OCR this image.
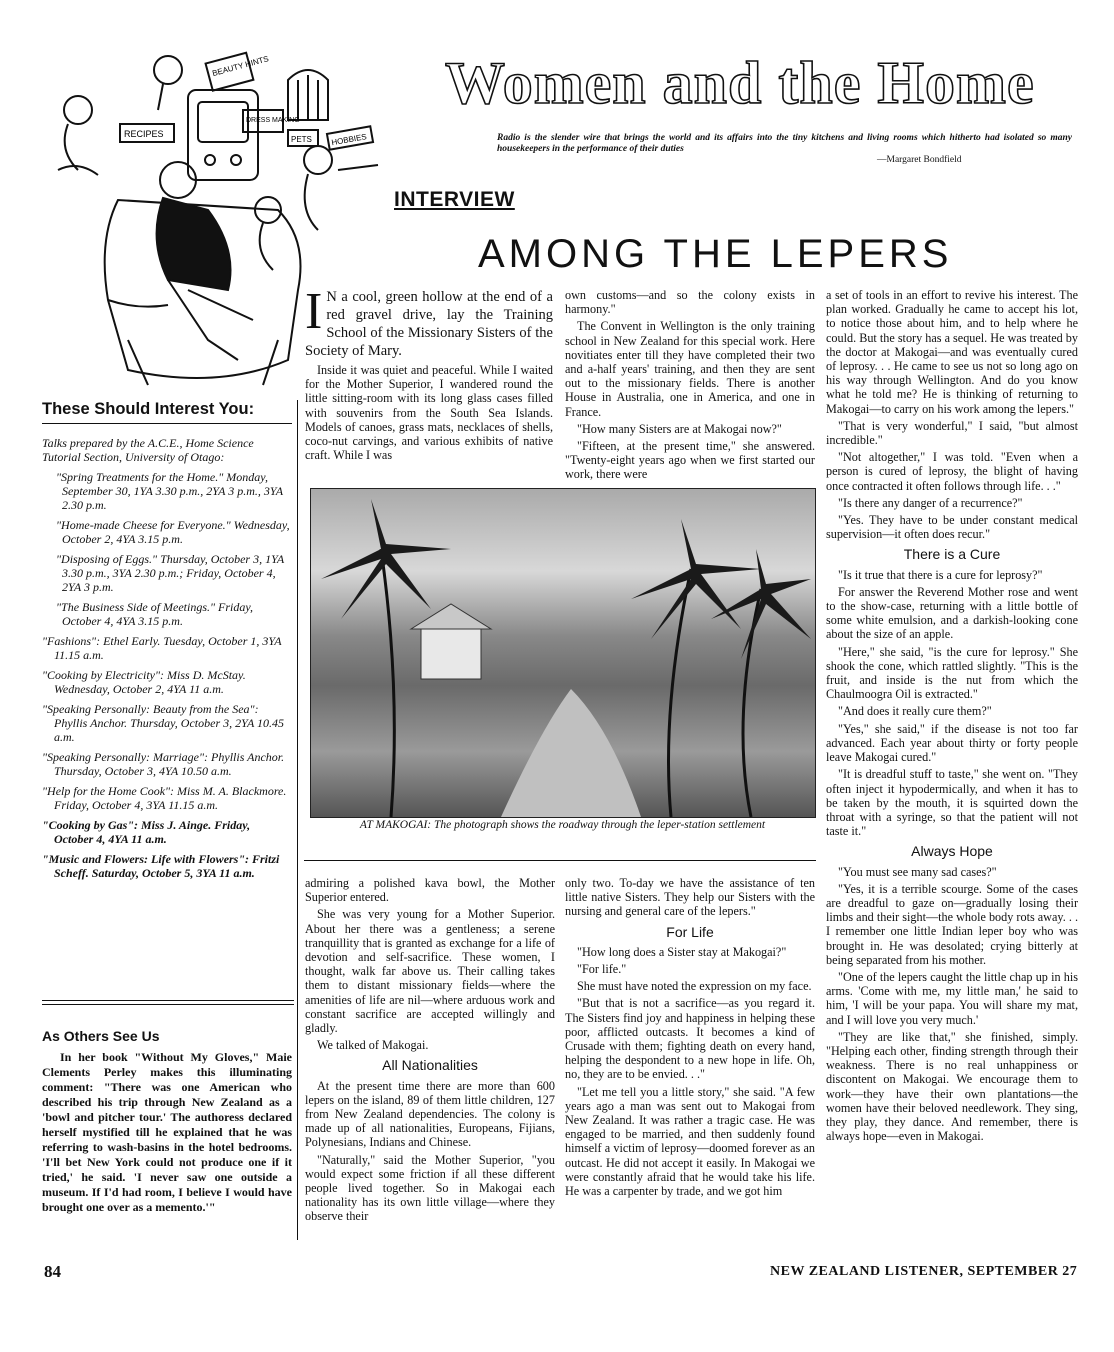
BEAUTY HINTS
DRESS MAKING
RECIPES
PETS HOBBIES
Women and the Home
Radio is the slender wire that brings the world and its affairs into the tiny kitchens and living rooms which hitherto had isolated so many housekeepers in the performance of their duties
—Margaret Bondfield
INTERVIEW
AMONG THE LEPERS
I N a cool, green hollow at the end of a red gravel drive, lay the Training School of the Missionary Sisters of the Society of Mary.

Inside it was quiet and peaceful. While I waited for the Mother Superior, I wandered round the little sitting-room with its long glass cases filled with souvenirs from the South Sea Islands. Models of canoes, grass mats, necklaces of shells, coco-nut carvings, and various exhibits of native craft. While I was

own customs—and so the colony exists in harmony."

The Convent in Wellington is the only training school in New Zealand for this special work. Here novitiates enter till they have completed their two and a-half years' training, and then they are sent out to the missionary fields. There is another House in Australia, one in America, and one in France.

"How many Sisters are at Makogai now?"

"Fifteen, at the present time," she answered. "Twenty-eight years ago when we first started our work, there were

AT MAKOGAI: The photograph shows the roadway through the leper-station settlement

admiring a polished kava bowl, the Mother Superior entered.

She was very young for a Mother Superior. About her there was a gentleness; a serene tranquillity that is granted as exchange for a life of devotion and self-sacrifice. These women, I thought, walk far above us. Their calling takes them to distant missionary fields—where the amenities of life are nil—where arduous work and constant sacrifice are accepted willingly and gladly.

We talked of Makogai.

All Nationalities

At the present time there are more than 600 lepers on the island, 89 of them little children, 127 from New Zealand dependencies. The colony is made up of all nationalities, Europeans, Fijians, Polynesians, Indians and Chinese.

"Naturally," said the Mother Superior, "you would expect some friction if all these different people lived together. So in Makogai each nationality has its own little village—where they observe their

only two. To-day we have the assistance of ten little native Sisters. They help our Sisters with the nursing and general care of the lepers."

For Life

"How long does a Sister stay at Makogai?"

"For life."

She must have noted the expression on my face.

"But that is not a sacrifice—as you regard it. The Sisters find joy and happiness in helping these poor, afflicted outcasts. It becomes a kind of Crusade with them; fighting death on every hand, helping the despondent to a new hope in life. Oh, no, they are to be envied. . ."

"Let me tell you a little story," she said. "A few years ago a man was sent out to Makogai from New Zealand. It was rather a tragic case. He was engaged to be married, and then suddenly found himself a victim of leprosy—doomed forever as an outcast. He did not accept it easily. In Makogai we were constantly afraid that he would take his life. He was a carpenter by trade, and we got him

a set of tools in an effort to revive his interest. The plan worked. Gradually he came to accept his lot, to notice those about him, and to help where he could. But the story has a sequel. He was treated by the doctor at Makogai—and was eventually cured of leprosy. . . He came to see us not so long ago on his way through Wellington. And do you know what he told me? He is thinking of returning to Makogai—to carry on his work among the lepers."

"That is very wonderful," I said, "but almost incredible."

"Not altogether," I was told. "Even when a person is cured of leprosy, the blight of having once contracted it often follows through life. . ."

"Is there any danger of a recurrence?"

"Yes. They have to be under constant medical supervision—it often does recur."

There is a Cure

"Is it true that there is a cure for leprosy?"

For answer the Reverend Mother rose and went to the show-case, returning with a little bottle of some white emulsion, and a darkish-looking cone about the size of an apple.

"Here," she said, "is the cure for leprosy." She shook the cone, which rattled slightly. "This is the fruit, and inside is the nut from which the Chaulmoogra Oil is extracted."

"And does it really cure them?"

"Yes," she said," if the disease is not too far advanced. Each year about thirty or forty people leave Makogai cured."

"It is dreadful stuff to taste," she went on. "They often inject it hypodermically, and when it has to be taken by the mouth, it is squirted down the throat with a syringe, so that the patient will not taste it."

Always Hope

"You must see many sad cases?"

"Yes, it is a terrible scourge. Some of the cases are dreadful to gaze on—gradually losing their limbs and their sight—the whole body rots away. . . I remember one little Indian leper boy who was brought in. He was desolated; crying bitterly at being separated from his mother.

"One of the lepers caught the little chap up in his arms. 'Come with me, my little man,' he said to him, 'I will be your papa. You will share my mat, and I will love you very much.'

"They are like that," she finished, simply. "Helping each other, finding strength through their weakness. There is no real unhappiness or discontent on Makogai. We encourage them to work—they have their own plantations—the women have their beloved needlework. They sing, they play, they dance. And remember, there is always hope—even in Makogai.

These Should Interest You:

Talks prepared by the A.C.E., Home Science Tutorial Section, University of Otago:

"Spring Treatments for the Home." Monday, September 30, 1YA 3.30 p.m., 2YA 3 p.m., 3YA 2.30 p.m.

"Home-made Cheese for Everyone." Wednesday, October 2, 4YA 3.15 p.m.

"Disposing of Eggs." Thursday, October 3, 1YA 3.30 p.m., 3YA 2.30 p.m.; Friday, October 4, 2YA 3 p.m.

"The Business Side of Meetings." Friday, October 4, 4YA 3.15 p.m.

"Fashions": Ethel Early. Tuesday, October 1, 3YA 11.15 a.m.

"Cooking by Electricity": Miss D. McStay. Wednesday, October 2, 4YA 11 a.m.

"Speaking Personally: Beauty from the Sea": Phyllis Anchor. Thursday, October 3, 2YA 10.45 a.m.

"Speaking Personally: Marriage": Phyllis Anchor. Thursday, October 3, 4YA 10.50 a.m.

"Help for the Home Cook": Miss M. A. Blackmore. Friday, October 4, 3YA 11.15 a.m.

"Cooking by Gas": Miss J. Ainge. Friday, October 4, 4YA 11 a.m.

"Music and Flowers: Life with Flowers": Fritzi Scheff. Saturday, October 5, 3YA 11 a.m.

As Others See Us
In her book "Without My Gloves," Maie Clements Perley makes this illuminating comment: "There was one American who described his trip through New Zealand as a 'bowl and pitcher tour.' The authoress declared herself mystified till he explained that he was referring to wash-basins in the hotel bedrooms. 'I'll bet New York could not produce one if it tried,' he said. 'I never saw one outside a museum. If I'd had room, I believe I would have brought one over as a memento.'"
84	NEW ZEALAND LISTENER, SEPTEMBER 27
